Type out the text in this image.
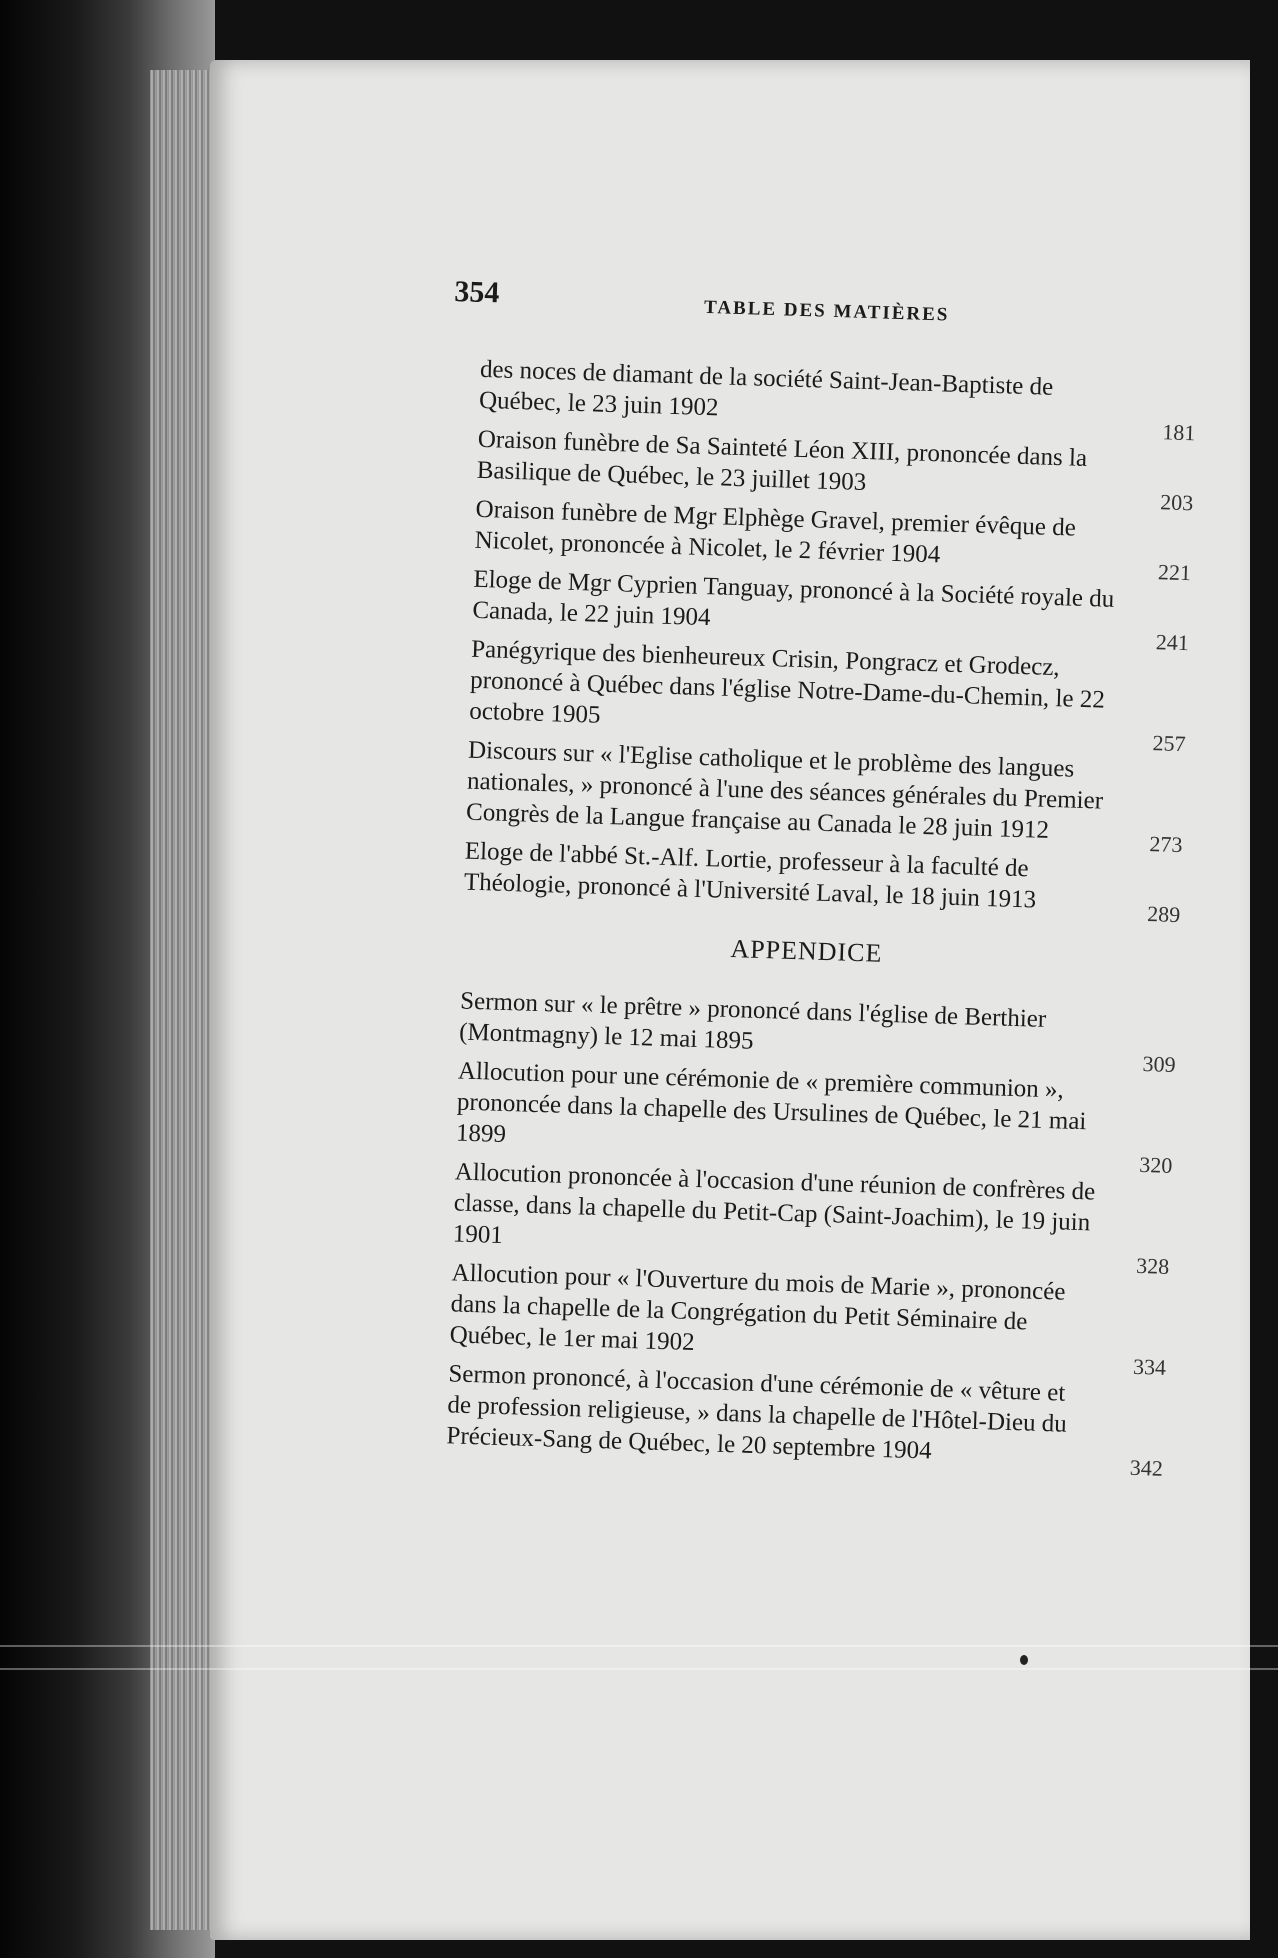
354
TABLE DES MATIÈRES
des noces de diamant de la société Saint-Jean-Baptiste de Québec, le 23 juin 1902
. . .
181
Oraison funèbre de Sa Sainteté Léon XIII, prononcée dans la Basilique de Québec, le 23 juillet 1903
. . .
203
Oraison funèbre de Mgr Elphège Gravel, premier évêque de Nicolet, prononcée à Nicolet, le 2 février 1904
. . .
221
Eloge de Mgr Cyprien Tanguay, prononcé à la Société royale du Canada, le 22 juin 1904
. . .
241
Panégyrique des bienheureux Crisin, Pongracz et Grodecz, prononcé à Québec dans l'église Notre-Dame-du-Chemin, le 22 octobre 1905
. . .
257
Discours sur « l'Eglise catholique et le problème des langues nationales, » prononcé à l'une des séances générales du Premier Congrès de la Langue française au Canada le 28 juin 1912
. . .
273
Eloge de l'abbé St.-Alf. Lortie, professeur à la faculté de Théologie, prononcé à l'Université Laval, le 18 juin 1913
. . .
289
APPENDICE
Sermon sur « le prêtre » prononcé dans l'église de Berthier (Montmagny) le 12 mai 1895
. . .
309
Allocution pour une cérémonie de « première communion », prononcée dans la chapelle des Ursulines de Québec, le 21 mai 1899
. . .
320
Allocution prononcée à l'occasion d'une réunion de confrères de classe, dans la chapelle du Petit-Cap (Saint-Joachim), le 19 juin 1901
. . .
328
Allocution pour « l'Ouverture du mois de Marie », prononcée dans la chapelle de la Congrégation du Petit Séminaire de Québec, le 1er mai 1902
. . .
334
Sermon prononcé, à l'occasion d'une cérémonie de « vêture et de profession religieuse, » dans la chapelle de l'Hôtel-Dieu du Précieux-Sang de Québec, le 20 septembre 1904
. . .
342
